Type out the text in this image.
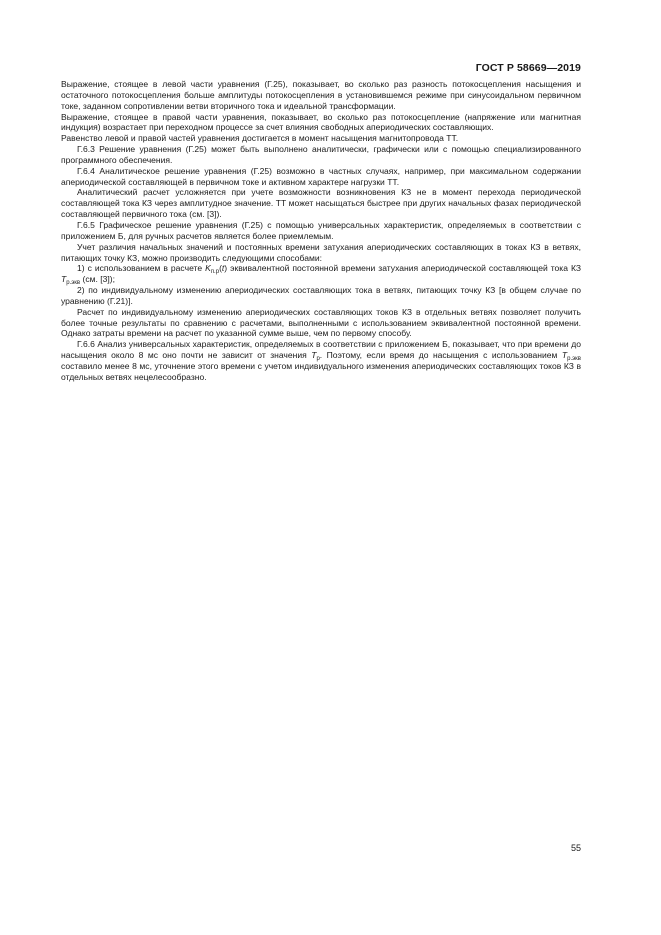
ГОСТ Р 58669—2019

Выражение, стоящее в левой части уравнения (Г.25), показывает, во сколько раз разность потокосцепления насыщения и остаточного потокосцепления больше амплитуды потокосцепления в установившемся режиме при синусоидальном первичном токе, заданном сопротивлении ветви вторичного тока и идеальной трансформации.

Выражение, стоящее в правой части уравнения, показывает, во сколько раз потокосцепление (напряжение или магнитная индукция) возрастает при переходном процессе за счет влияния свободных апериодических составляющих.

Равенство левой и правой частей уравнения достигается в момент насыщения магнитопровода ТТ.

Г.6.3 Решение уравнения (Г.25) может быть выполнено аналитически, графически или с помощью специализированного программного обеспечения.

Г.6.4 Аналитическое решение уравнения (Г.25) возможно в частных случаях, например, при максимальном содержании апериодической составляющей в первичном токе и активном характере нагрузки ТТ.

Аналитический расчет усложняется при учете возможности возникновения КЗ не в момент перехода периодической составляющей тока КЗ через амплитудное значение. ТТ может насыщаться быстрее при других начальных фазах периодической составляющей первичного тока (см. [3]).

Г.6.5 Графическое решение уравнения (Г.25) с помощью универсальных характеристик, определяемых в соответствии с приложением Б, для ручных расчетов является более приемлемым.

Учет различия начальных значений и постоянных времени затухания апериодических составляющих в токах КЗ в ветвях, питающих точку КЗ, можно производить следующими способами:

1) с использованием в расчете $K_{п.р}(t)$ эквивалентной постоянной времени затухания апериодической составляющей тока КЗ $T_{р.экв}$ (см. [3]);

2) по индивидуальному изменению апериодических составляющих тока в ветвях, питающих точку КЗ [в общем случае по уравнению (Г.21)].

Расчет по индивидуальному изменению апериодических составляющих токов КЗ в отдельных ветвях позволяет получить более точные результаты по сравнению с расчетами, выполненными с использованием эквивалентной постоянной времени. Однако затраты времени на расчет по указанной сумме выше, чем по первому способу.

Г.6.6 Анализ универсальных характеристик, определяемых в соответствии с приложением Б, показывает, что при времени до насыщения около 8 мс оно почти не зависит от значения $T_р$. Поэтому, если время до насыщения с использованием $T_{р.экв}$ составило менее 8 мс, уточнение этого времени с учетом индивидуального изменения апериодических составляющих токов КЗ в отдельных ветвях нецелесообразно.

55
